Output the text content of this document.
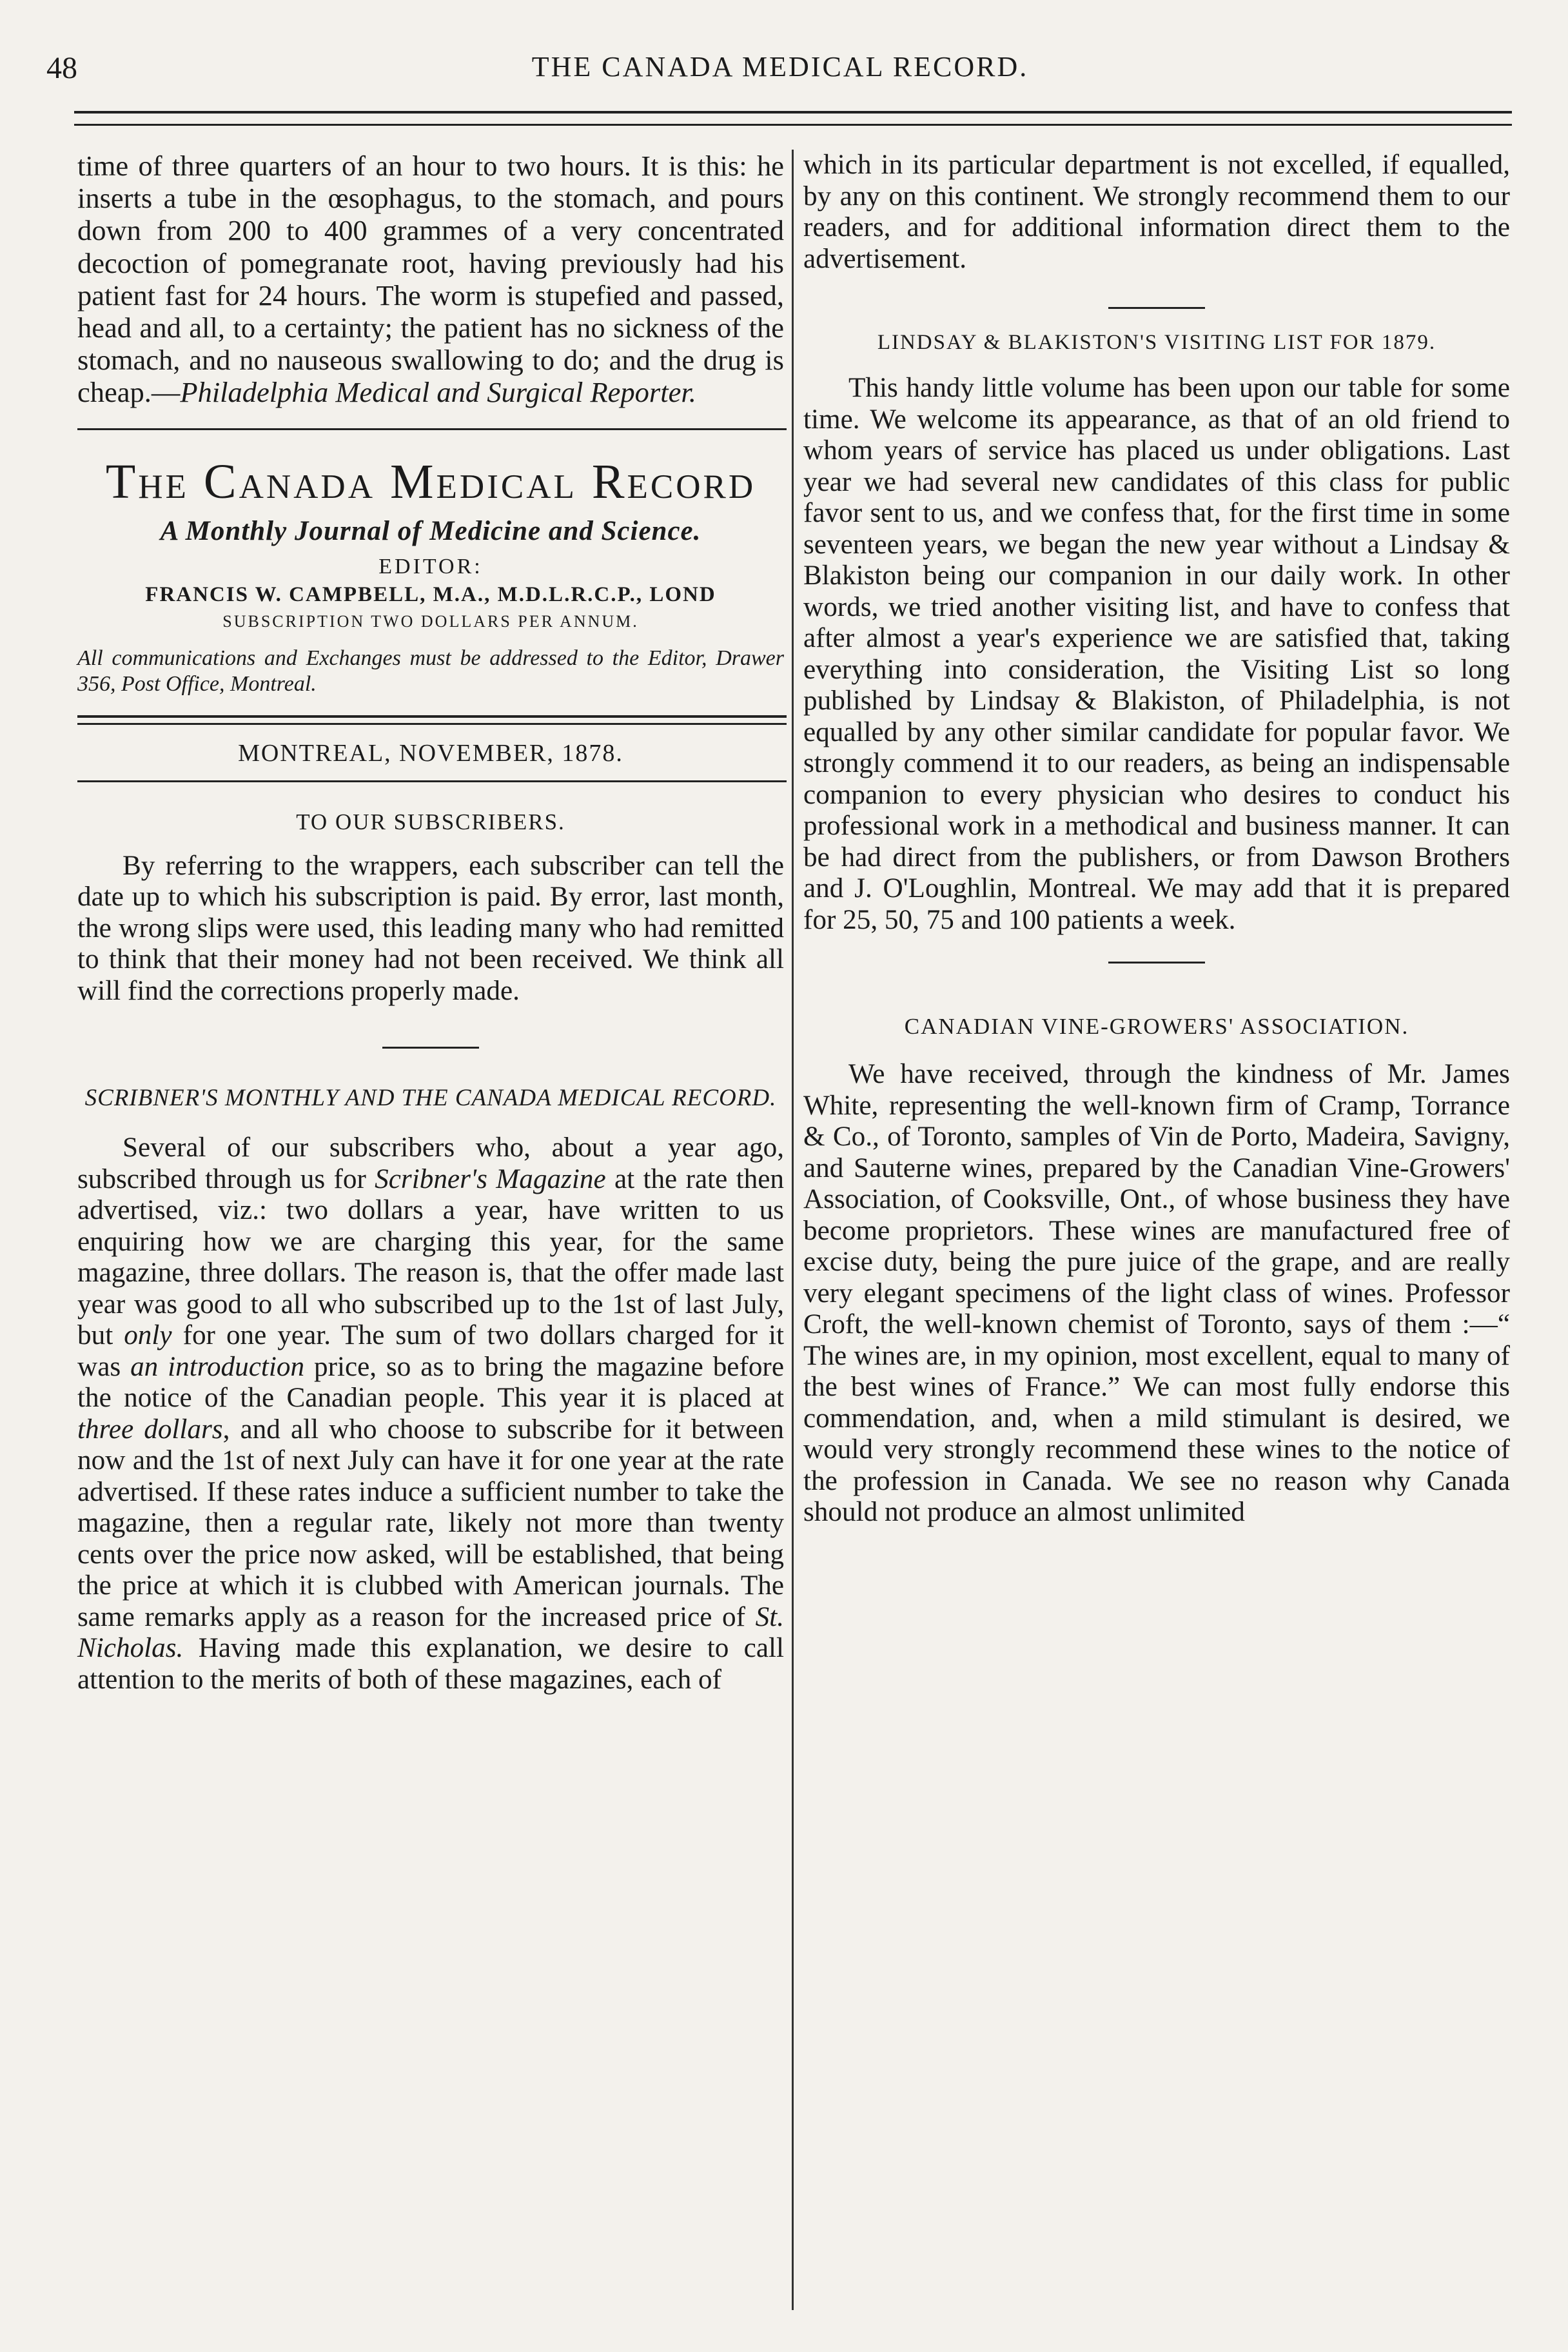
48	THE CANADA MEDICAL RECORD.

time of three quarters of an hour to two hours. It is this: he inserts a tube in the œsophagus, to the stomach, and pours down from 200 to 400 grammes of a very concentrated decoction of pomegranate root, having previously had his patient fast for 24 hours. The worm is stupefied and passed, head and all, to a certainty; the patient has no sickness of the stomach, and no nauseous swallowing to do; and the drug is cheap.—Philadelphia Medical and Surgical Reporter.

The Canada Medical Record

A Monthly Journal of Medicine and Science.

EDITOR:

FRANCIS W. CAMPBELL, M.A., M.D.L.R.C.P., LOND

SUBSCRIPTION TWO DOLLARS PER ANNUM.

All communications and Exchanges must be addressed to the Editor, Drawer 356, Post Office, Montreal.

MONTREAL, NOVEMBER, 1878.

TO OUR SUBSCRIBERS.

By referring to the wrappers, each subscriber can tell the date up to which his subscription is paid. By error, last month, the wrong slips were used, this leading many who had remitted to think that their money had not been received. We think all will find the corrections properly made.

SCRIBNER'S MONTHLY AND THE CANADA MEDICAL RECORD.

Several of our subscribers who, about a year ago, subscribed through us for Scribner's Magazine at the rate then advertised, viz.: two dollars a year, have written to us enquiring how we are charging this year, for the same magazine, three dollars. The reason is, that the offer made last year was good to all who subscribed up to the 1st of last July, but only for one year. The sum of two dollars charged for it was an introduction price, so as to bring the magazine before the notice of the Canadian people. This year it is placed at three dollars, and all who choose to subscribe for it between now and the 1st of next July can have it for one year at the rate advertised. If these rates induce a sufficient number to take the magazine, then a regular rate, likely not more than twenty cents over the price now asked, will be established, that being the price at which it is clubbed with American journals. The same remarks apply as a reason for the increased price of St. Nicholas. Having made this explanation, we desire to call attention to the merits of both of these magazines, each of

which in its particular department is not excelled, if equalled, by any on this continent. We strongly recommend them to our readers, and for additional information direct them to the advertisement.

LINDSAY & BLAKISTON'S VISITING LIST FOR 1879.

This handy little volume has been upon our table for some time. We welcome its appearance, as that of an old friend to whom years of service has placed us under obligations. Last year we had several new candidates of this class for public favor sent to us, and we confess that, for the first time in some seventeen years, we began the new year without a Lindsay & Blakiston being our companion in our daily work. In other words, we tried another visiting list, and have to confess that after almost a year's experience we are satisfied that, taking everything into consideration, the Visiting List so long published by Lindsay & Blakiston, of Philadelphia, is not equalled by any other similar candidate for popular favor. We strongly commend it to our readers, as being an indispensable companion to every physician who desires to conduct his professional work in a methodical and business manner. It can be had direct from the publishers, or from Dawson Brothers and J. O'Loughlin, Montreal. We may add that it is prepared for 25, 50, 75 and 100 patients a week.

CANADIAN VINE-GROWERS' ASSOCIATION.

We have received, through the kindness of Mr. James White, representing the well-known firm of Cramp, Torrance & Co., of Toronto, samples of Vin de Porto, Madeira, Savigny, and Sauterne wines, prepared by the Canadian Vine-Growers' Association, of Cooksville, Ont., of whose business they have become proprietors. These wines are manufactured free of excise duty, being the pure juice of the grape, and are really very elegant specimens of the light class of wines. Professor Croft, the well-known chemist of Toronto, says of them :—“ The wines are, in my opinion, most excellent, equal to many of the best wines of France.” We can most fully endorse this commendation, and, when a mild stimulant is desired, we would very strongly recommend these wines to the notice of the profession in Canada. We see no reason why Canada should not produce an almost unlimited
